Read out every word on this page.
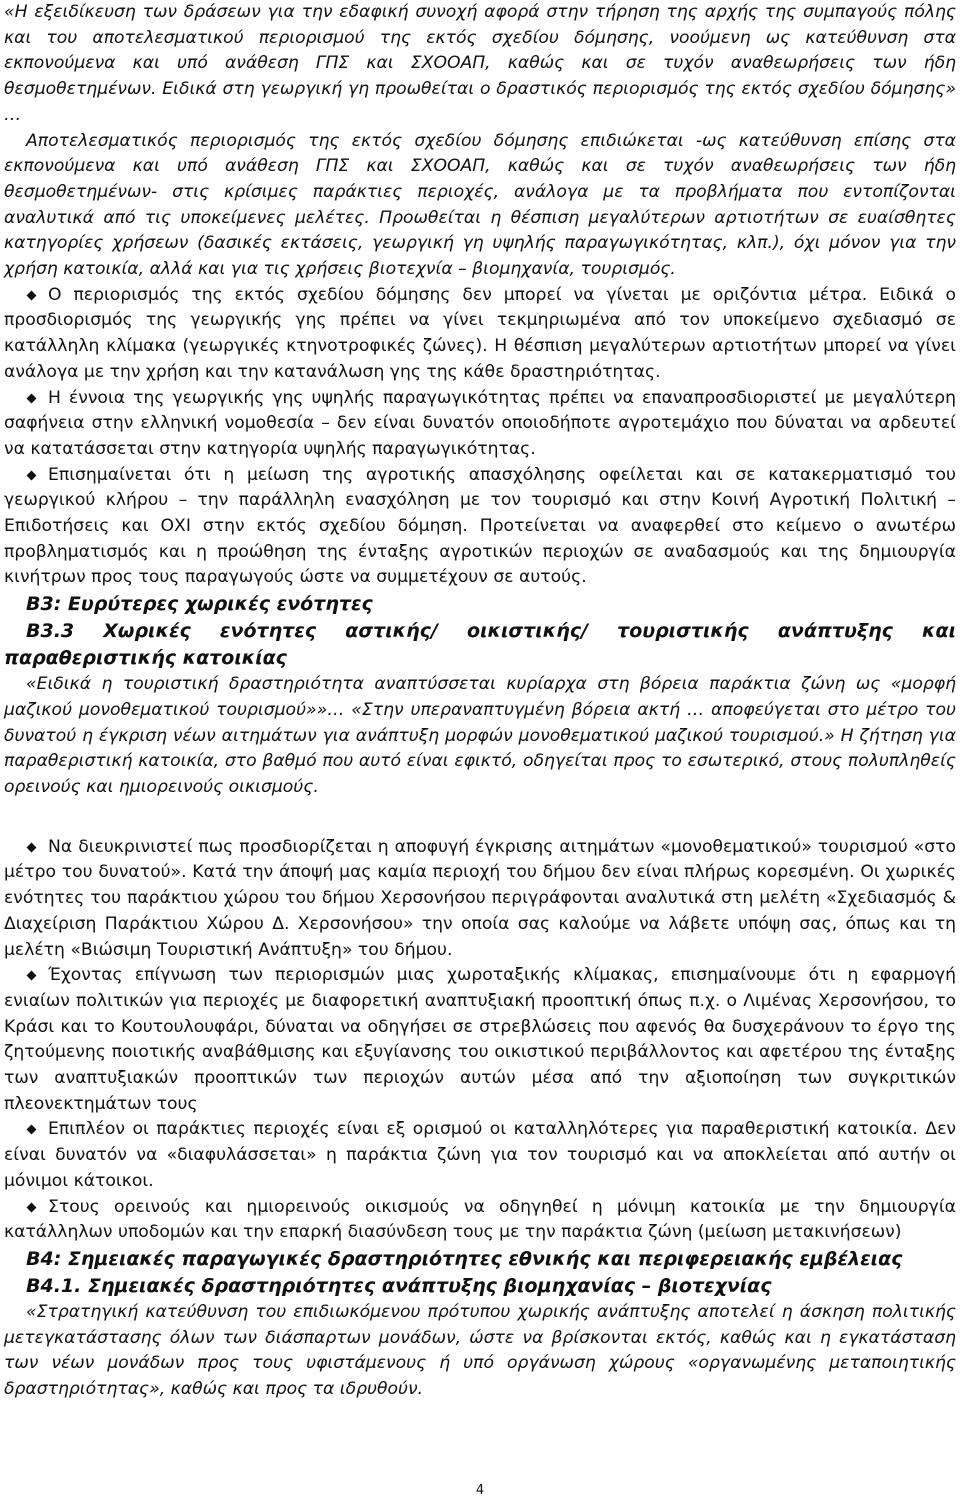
«Η εξειδίκευση των δράσεων για την εδαφική συνοχή αφορά στην τήρηση της αρχής της συμπαγούς πόλης και του αποτελεσματικού περιορισμού της εκτός σχεδίου δόμησης, νοούμενη ως κατεύθυνση στα εκπονούμενα και υπό ανάθεση ΓΠΣ και ΣΧΟΟΑΠ, καθώς και σε τυχόν αναθεωρήσεις των ήδη θεσμοθετημένων. Ειδικά στη γεωργική γη προωθείται ο δραστικός περιορισμός της εκτός σχεδίου δόμησης» …

Αποτελεσματικός περιορισμός της εκτός σχεδίου δόμησης επιδιώκεται -ως κατεύθυνση επίσης στα εκπονούμενα και υπό ανάθεση ΓΠΣ και ΣΧΟΟΑΠ, καθώς και σε τυχόν αναθεωρήσεις των ήδη θεσμοθετημένων- στις κρίσιμες παράκτιες περιοχές, ανάλογα με τα προβλήματα που εντοπίζονται αναλυτικά από τις υποκείμενες μελέτες. Προωθείται η θέσπιση μεγαλύτερων αρτιοτήτων σε ευαίσθητες κατηγορίες χρήσεων (δασικές εκτάσεις, γεωργική γη υψηλής παραγωγικότητας, κλπ.), όχι μόνον για την χρήση κατοικία, αλλά και για τις χρήσεις βιοτεχνία – βιομηχανία, τουρισμός.

Ο περιορισμός της εκτός σχεδίου δόμησης δεν μπορεί να γίνεται με οριζόντια μέτρα. Ειδικά ο προσδιορισμός της γεωργικής γης πρέπει να γίνει τεκμηριωμένα από τον υποκείμενο σχεδιασμό σε κατάλληλη κλίμακα (γεωργικές κτηνοτροφικές ζώνες). Η θέσπιση μεγαλύτερων αρτιοτήτων μπορεί να γίνει ανάλογα με την χρήση και την κατανάλωση γης της κάθε δραστηριότητας.

Η έννοια της γεωργικής γης υψηλής παραγωγικότητας πρέπει να επαναπροσδιοριστεί με μεγαλύτερη σαφήνεια στην ελληνική νομοθεσία – δεν είναι δυνατόν οποιοδήποτε αγροτεμάχιο που δύναται να αρδευτεί να κατατάσσεται στην κατηγορία υψηλής παραγωγικότητας.

Επισημαίνεται ότι η μείωση της αγροτικής απασχόλησης οφείλεται και σε κατακερματισμό του γεωργικού κλήρου – την παράλληλη ενασχόληση με τον τουρισμό και στην Κοινή Αγροτική Πολιτική – Επιδοτήσεις και ΟΧΙ στην εκτός σχεδίου δόμηση. Προτείνεται να αναφερθεί στο κείμενο ο ανωτέρω προβληματισμός και η προώθηση της ένταξης αγροτικών περιοχών σε αναδασμούς και της δημιουργία κινήτρων προς τους παραγωγούς ώστε να συμμετέχουν σε αυτούς.

Β3: Ευρύτερες χωρικές ενότητες

Β3.3 Χωρικές ενότητες αστικής/ οικιστικής/ τουριστικής ανάπτυξης και παραθεριστικής κατοικίας

«Ειδικά η τουριστική δραστηριότητα αναπτύσσεται κυρίαρχα στη βόρεια παράκτια ζώνη ως «μορφή μαζικού μονοθεματικού τουρισμού»»… «Στην υπεραναπτυγμένη βόρεια ακτή … αποφεύγεται στο μέτρο του δυνατού η έγκριση νέων αιτημάτων για ανάπτυξη μορφών μονοθεματικού μαζικού τουρισμού.» Η ζήτηση για παραθεριστική κατοικία, στο βαθμό που αυτό είναι εφικτό, οδηγείται προς το εσωτερικό, στους πολυπληθείς ορεινούς και ημιορεινούς οικισμούς.

Να διευκρινιστεί πως προσδιορίζεται η αποφυγή έγκρισης αιτημάτων «μονοθεματικού» τουρισμού «στο μέτρο του δυνατού». Κατά την άποψή μας καμία περιοχή του δήμου δεν είναι πλήρως κορεσμένη. Οι χωρικές ενότητες του παράκτιου χώρου του δήμου Χερσονήσου περιγράφονται αναλυτικά στη μελέτη «Σχεδιασμός & Διαχείριση Παράκτιου Χώρου Δ. Χερσονήσου» την οποία σας καλούμε να λάβετε υπόψη σας, όπως και τη μελέτη «Βιώσιμη Τουριστική Ανάπτυξη» του δήμου.

Έχοντας επίγνωση των περιορισμών μιας χωροταξικής κλίμακας, επισημαίνουμε ότι η εφαρμογή ενιαίων πολιτικών για περιοχές με διαφορετική αναπτυξιακή προοπτική όπως π.χ. ο Λιμένας Χερσονήσου, το Κράσι και το Κουτουλουφάρι, δύναται να οδηγήσει σε στρεβλώσεις που αφενός θα δυσχεράνουν το έργο της ζητούμενης ποιοτικής αναβάθμισης και εξυγίανσης του οικιστικού περιβάλλοντος και αφετέρου της ένταξης των αναπτυξιακών προοπτικών των περιοχών αυτών μέσα από την αξιοποίηση των συγκριτικών πλεονεκτημάτων τους

Επιπλέον οι παράκτιες περιοχές είναι εξ ορισμού οι καταλληλότερες για παραθεριστική κατοικία. Δεν είναι δυνατόν να «διαφυλάσσεται» η παράκτια ζώνη για τον τουρισμό και να αποκλείεται από αυτήν οι μόνιμοι κάτοικοι.

Στους ορεινούς και ημιορεινούς οικισμούς να οδηγηθεί η μόνιμη κατοικία με την δημιουργία κατάλληλων υποδομών και την επαρκή διασύνδεση τους με την παράκτια ζώνη (μείωση μετακινήσεων)

Β4: Σημειακές παραγωγικές δραστηριότητες εθνικής και περιφερειακής εμβέλειας

Β4.1. Σημειακές δραστηριότητες ανάπτυξης βιομηχανίας – βιοτεχνίας

«Στρατηγική κατεύθυνση του επιδιωκόμενου πρότυπου χωρικής ανάπτυξης αποτελεί η άσκηση πολιτικής μετεγκατάστασης όλων των διάσπαρτων μονάδων, ώστε να βρίσκονται εκτός, καθώς και η εγκατάσταση των νέων μονάδων προς τους υφιστάμενους ή υπό οργάνωση χώρους «οργανωμένης μεταποιητικής δραστηριότητας», καθώς και προς τα ιδρυθούν.

4
